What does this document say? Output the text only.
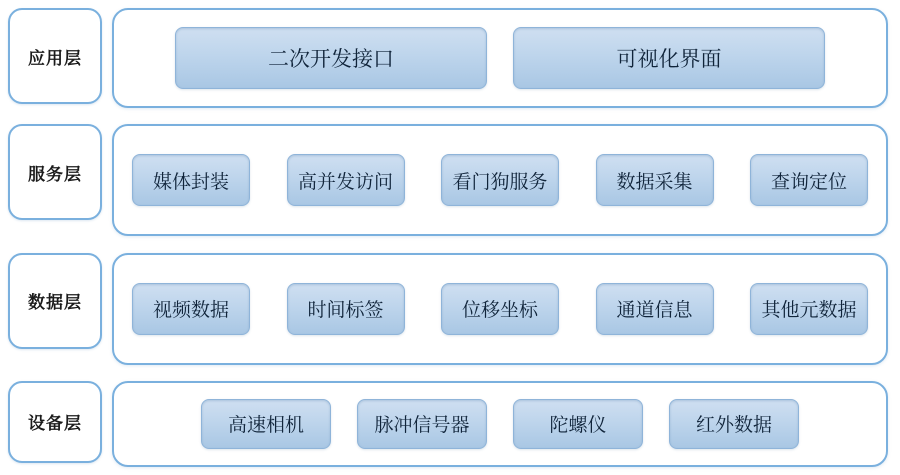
应用层	二次开发接口	可视化界面
服务层	媒体封装	高并发访问	看门狗服务	数据采集	查询定位
数据层	视频数据	时间标签	位移坐标	通道信息	其他元数据
设备层	高速相机	脉冲信号器	陀螺仪	红外数据
